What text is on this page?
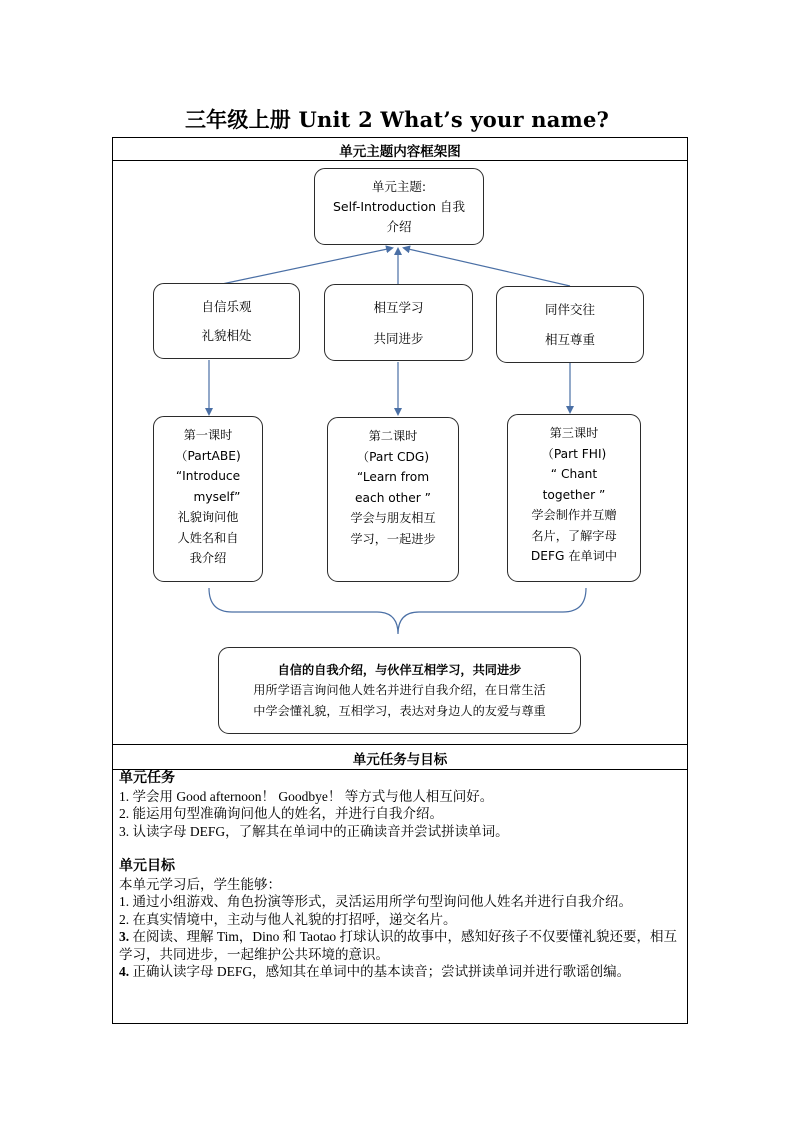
三年级上册 Unit 2 What’s your name?
单元主题内容框架图
单元主题:
Self-Introduction 自我
介绍
自信乐观
礼貌相处
相互学习
共同进步
同伴交往
相互尊重
第一课时
（PartABE)
“Introduce
myself”
礼貌询问他
人姓名和自
我介绍
第二课时
（Part CDG)
“Learn from
each other ”
学会与朋友相互
学习，一起进步
第三课时
（Part FHI)
“ Chant
together ”
学会制作并互赠
名片，了解字母
DEFG 在单词中
自信的自我介绍，与伙伴互相学习，共同进步
用所学语言询问他人姓名并进行自我介绍，在日常生活
中学会懂礼貌，互相学习，表达对身边人的友爱与尊重
单元任务与目标
单元任务
1. 学会用 Good afternoon！ Goodbye！ 等方式与他人相互问好。
2. 能运用句型准确询问他人的姓名，并进行自我介绍。
3. 认读字母 DEFG，了解其在单词中的正确读音并尝试拼读单词。
单元目标
本单元学习后，学生能够：
1. 通过小组游戏、角色扮演等形式，灵活运用所学句型询问他人姓名并进行自我介绍。
2. 在真实情境中，主动与他人礼貌的打招呼，递交名片。
3. 在阅读、理解 Tim，Dino 和 Taotao 打球认识的故事中，感知好孩子不仅要懂礼貌还要，相互学习，共同进步，一起维护公共环境的意识。
4. 正确认读字母 DEFG，感知其在单词中的基本读音；尝试拼读单词并进行歌谣创编。
